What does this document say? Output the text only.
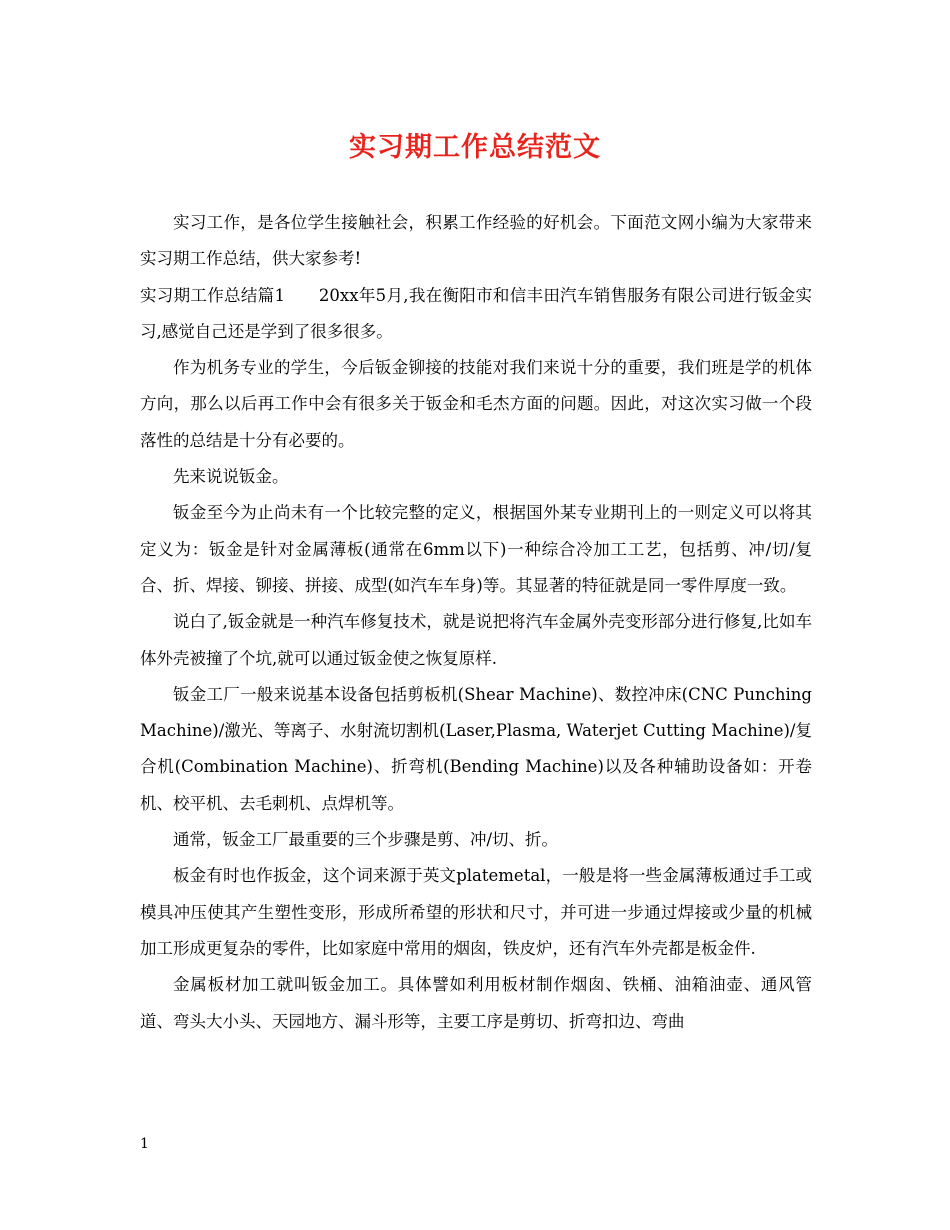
实习期工作总结范文

实习工作，是各位学生接触社会，积累工作经验的好机会。下面范文网小编为大家带来实习期工作总结，供大家参考!

实习期工作总结篇1　　20xx年5月,我在衡阳市和信丰田汽车销售服务有限公司进行钣金实习,感觉自己还是学到了很多很多。

作为机务专业的学生，今后钣金铆接的技能对我们来说十分的重要，我们班是学的机体方向，那么以后再工作中会有很多关于钣金和毛杰方面的问题。因此，对这次实习做一个段落性的总结是十分有必要的。

先来说说钣金。

钣金至今为止尚未有一个比较完整的定义，根据国外某专业期刊上的一则定义可以将其定义为：钣金是针对金属薄板(通常在6mm以下)一种综合冷加工工艺，包括剪、冲/切/复合、折、焊接、铆接、拼接、成型(如汽车车身)等。其显著的特征就是同一零件厚度一致。

说白了,钣金就是一种汽车修复技术，就是说把将汽车金属外壳变形部分进行修复,比如车体外壳被撞了个坑,就可以通过钣金使之恢复原样.

钣金工厂一般来说基本设备包括剪板机(Shear Machine)、数控冲床(CNC Punching Machine)/激光、等离子、水射流切割机(Laser,Plasma, Waterjet Cutting Machine)/复合机(Combination Machine)、折弯机(Bending Machine)以及各种辅助设备如：开卷机、校平机、去毛刺机、点焊机等。

通常，钣金工厂最重要的三个步骤是剪、冲/切、折。

板金有时也作扳金，这个词来源于英文platemetal，一般是将一些金属薄板通过手工或模具冲压使其产生塑性变形，形成所希望的形状和尺寸，并可进一步通过焊接或少量的机械加工形成更复杂的零件，比如家庭中常用的烟囱，铁皮炉，还有汽车外壳都是板金件.

金属板材加工就叫钣金加工。具体譬如利用板材制作烟囱、铁桶、油箱油壶、通风管道、弯头大小头、天园地方、漏斗形等，主要工序是剪切、折弯扣边、弯曲

1
